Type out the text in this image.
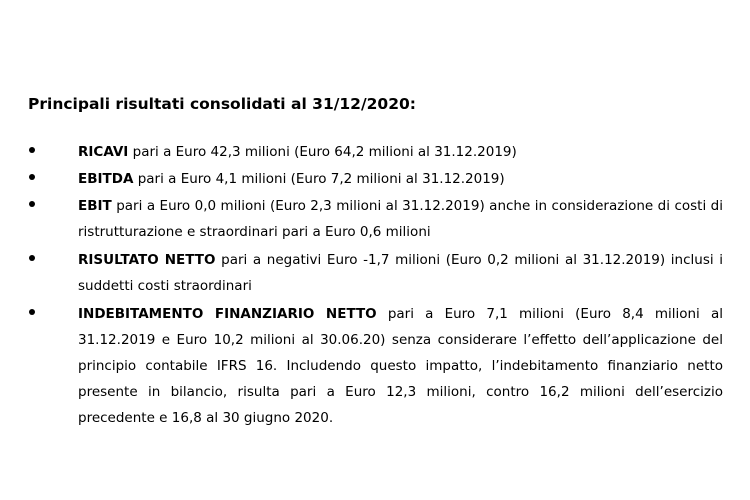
Principali risultati consolidati al 31/12/2020:
RICAVI pari a Euro 42,3 milioni (Euro 64,2 milioni al 31.12.2019)
EBITDA pari a Euro 4,1 milioni (Euro 7,2 milioni al 31.12.2019)
EBIT pari a Euro 0,0 milioni (Euro 2,3 milioni al 31.12.2019) anche in considerazione di costi di ristrutturazione e straordinari pari a Euro 0,6 milioni
RISULTATO NETTO pari a negativi Euro -1,7 milioni (Euro 0,2 milioni al 31.12.2019) inclusi i suddetti costi straordinari
INDEBITAMENTO FINANZIARIO NETTO pari a Euro 7,1 milioni (Euro 8,4 milioni al 31.12.2019 e Euro 10,2 milioni al 30.06.20) senza considerare l’effetto dell’applicazione del principio contabile IFRS 16. Includendo questo impatto, l’indebitamento finanziario netto presente in bilancio, risulta pari a Euro 12,3 milioni, contro 16,2 milioni dell’esercizio precedente e 16,8 al 30 giugno 2020.
